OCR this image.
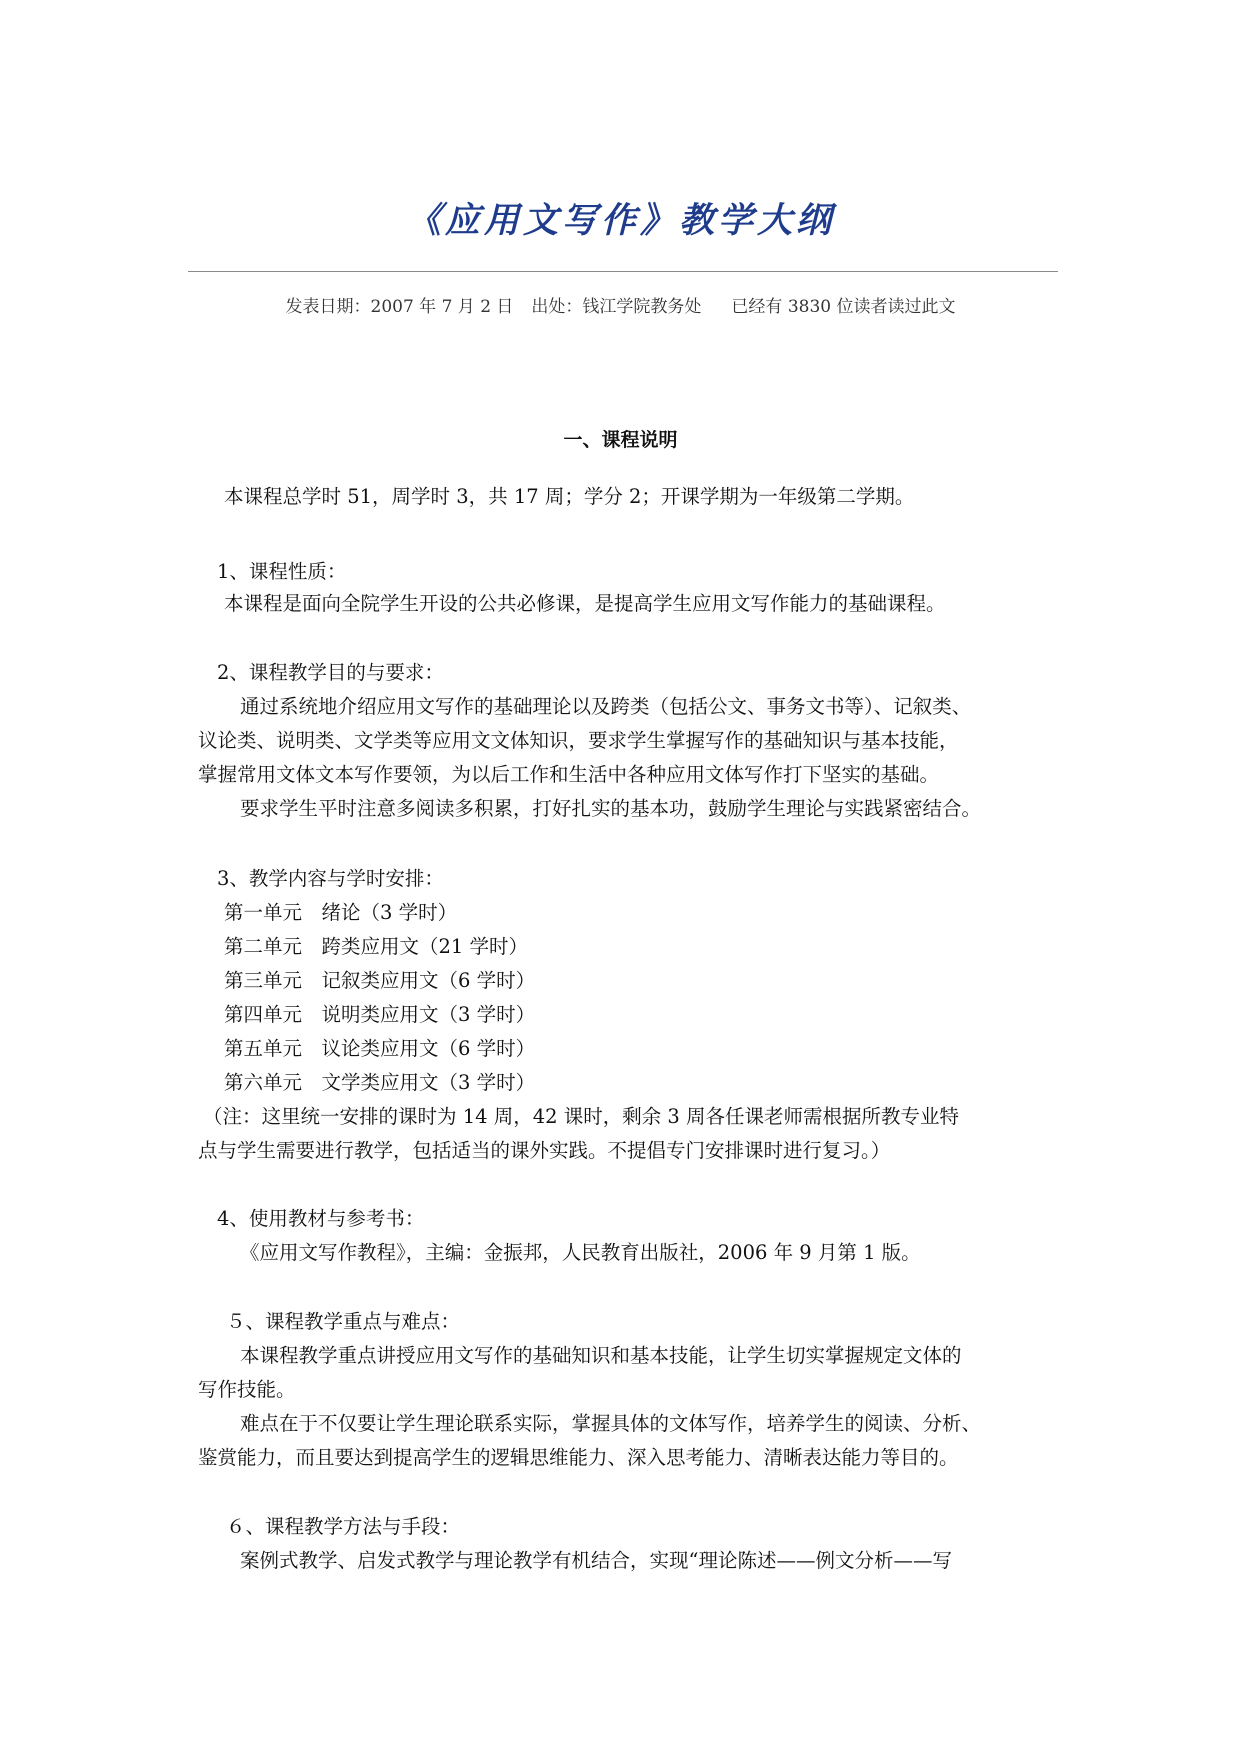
《应用文写作》教学大纲
发表日期：2007 年 7 月 2 日 出处：钱江学院教务处 已经有 3830 位读者读过此文
一、课程说明
本课程总学时 51，周学时 3，共 17 周；学分 2；开课学期为一年级第二学期。
1、课程性质：
本课程是面向全院学生开设的公共必修课，是提高学生应用文写作能力的基础课程。
2、课程教学目的与要求：
通过系统地介绍应用文写作的基础理论以及跨类（包括公文、事务文书等）、记叙类、
议论类、说明类、文学类等应用文文体知识，要求学生掌握写作的基础知识与基本技能，
掌握常用文体文本写作要领，为以后工作和生活中各种应用文体写作打下坚实的基础。
要求学生平时注意多阅读多积累，打好扎实的基本功，鼓励学生理论与实践紧密结合。
3、教学内容与学时安排：
第一单元　绪论（3 学时）
第二单元　跨类应用文（21 学时）
第三单元　记叙类应用文（6 学时）
第四单元　说明类应用文（3 学时）
第五单元　议论类应用文（6 学时）
第六单元　文学类应用文（3 学时）
（注：这里统一安排的课时为 14 周，42 课时，剩余 3 周各任课老师需根据所教专业特
点与学生需要进行教学，包括适当的课外实践。不提倡专门安排课时进行复习。）
4、使用教材与参考书：
《应用文写作教程》，主编：金振邦，人民教育出版社，2006 年 9 月第 1 版。
５、课程教学重点与难点：
本课程教学重点讲授应用文写作的基础知识和基本技能，让学生切实掌握规定文体的
写作技能。
难点在于不仅要让学生理论联系实际，掌握具体的文体写作，培养学生的阅读、分析、
鉴赏能力，而且要达到提高学生的逻辑思维能力、深入思考能力、清晰表达能力等目的。
６、课程教学方法与手段：
案例式教学、启发式教学与理论教学有机结合，实现“理论陈述——例文分析——写
